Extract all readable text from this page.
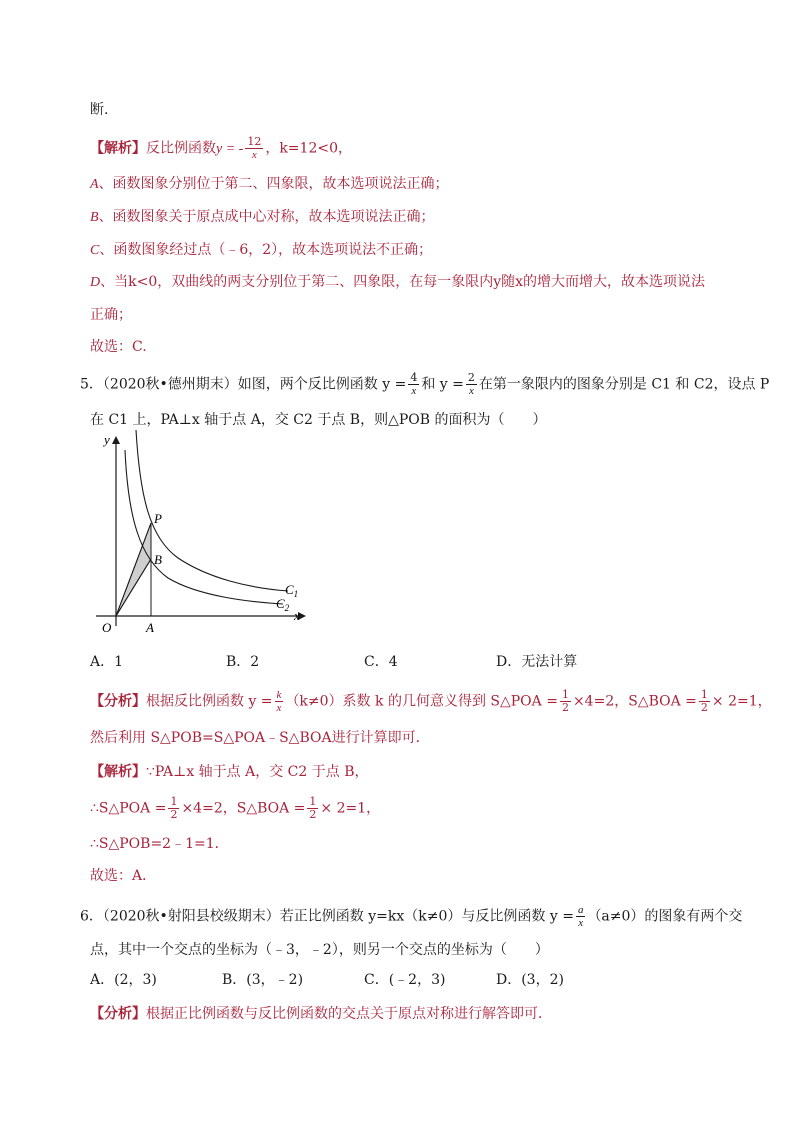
断.
【解析】反比例函数y = - $\frac{12}{x}$ ，k=12<0，
A、函数图象分别位于第二、四象限，故本选项说法正确；
B、函数图象关于原点成中心对称，故本选项说法正确；
C、函数图象经过点（﹣6，2），故本选项说法不正确；
D、当k<0，双曲线的两支分别位于第二、四象限，在每一象限内y随x的增大而增大，故本选项说法
正确；
故选：C.
5．（2020秋•德州期末）如图，两个反比例函数 $y = \frac{4}{x}$ 和 $y = \frac{2}{x}$ 在第一象限内的图象分别是 C1 和 C2，设点 P
在 C1 上，PA⊥x 轴于点 A，交 C2 于点 B，则△POB 的面积为（　　）
y
x
O	A
P
B
$C_1$
$C_2$
A．1	B．2	C．4	D．无法计算
【分析】根据反比例函数 $y = \frac{k}{x} (k\ne 0)$系数 k 的几何意义得到 S△POA = $\frac{1}{2} \times 4=2$，S△BOA = $\frac{1}{2} \times 2=1$，
然后利用 S△POB=S△POA﹣S△BOA进行计算即可．
【解析】∵PA⊥x 轴于点 A，交 C2 于点 B，
∴S△POA = $\frac{1}{2} \times 4=2$，S△BOA = $\frac{1}{2} \times 2=1$，
∴S△POB=2﹣1=1．
故选：A．
6．（2020秋•射阳县校级期末）若正比例函数 y=kx（k≠0）与反比例函数 $y = \frac{a}{x} (a\ne 0)$的图象有两个交
点，其中一个交点的坐标为（﹣3，﹣2），则另一个交点的坐标为（　　）
A．(2，3)	B．(3，﹣2)	C．(﹣2，3)	D．(3，2)
【分析】根据正比例函数与反比例函数的交点关于原点对称进行解答即可．
